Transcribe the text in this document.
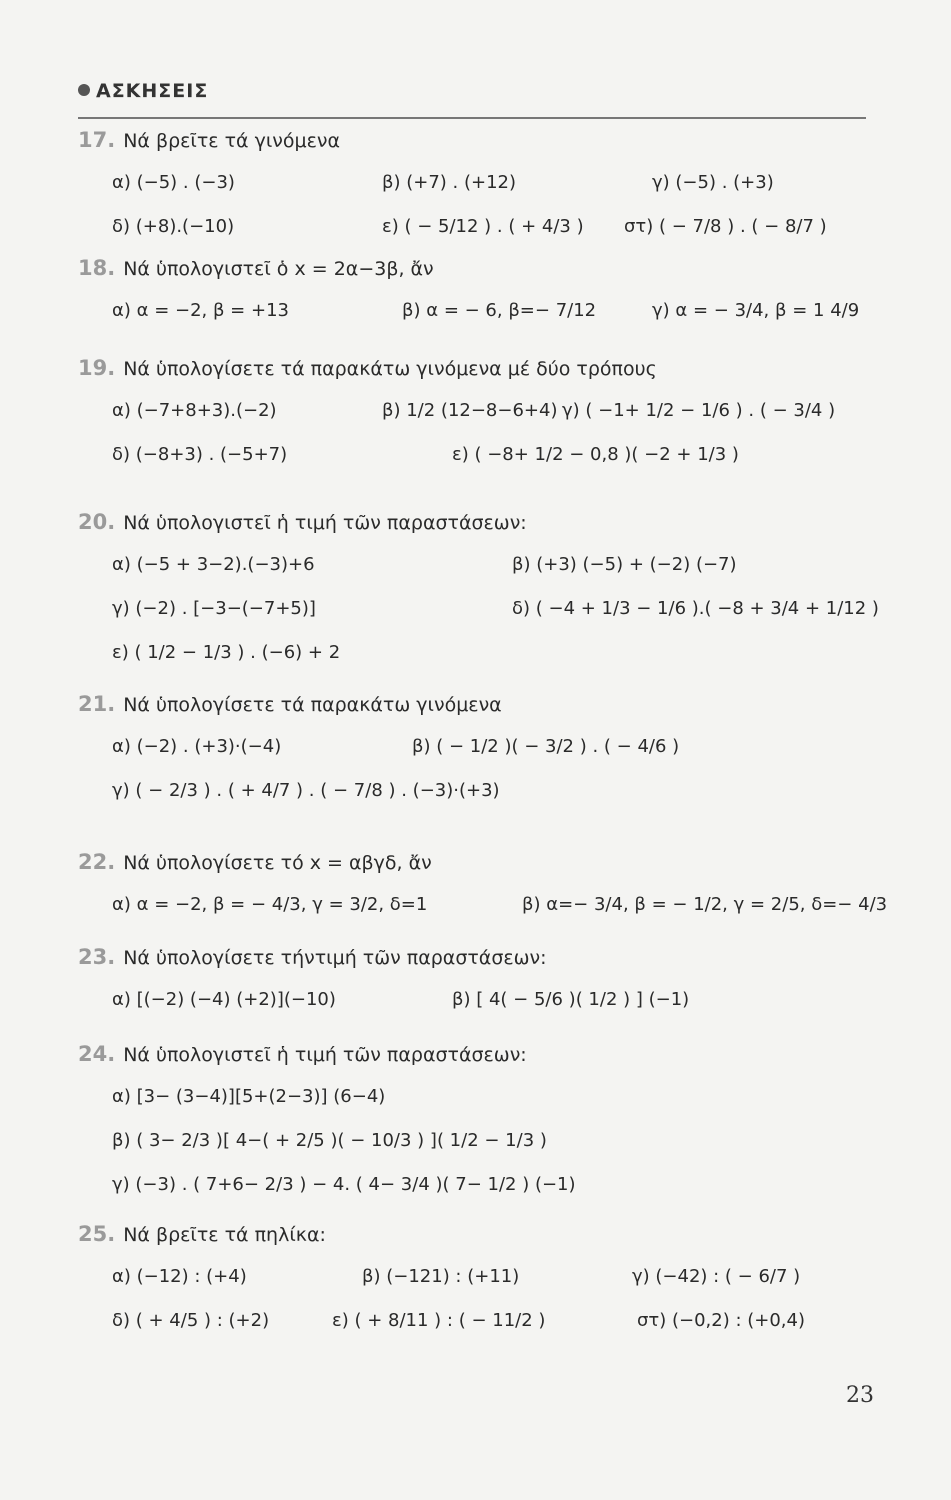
ΑΣΚΗΣΕΙΣ
17. Νά βρεῖτε τά γινόμενα
α) (−5) . (−3)	β) (+7) . (+12)	γ) (−5) . (+3)
δ) (+8).(−10)	ε) ( − 5/12 ) . ( + 4/3 ) στ) ( − 7/8 ) . ( − 8/7 )
18. Νά ὑπολογιστεῖ ὁ x = 2α−3β, ἄν
α) α = −2, β = +13	β) α = − 6, β=− 7/12	γ) α = − 3/4, β = 1 4/9
19. Νά ὑπολογίσετε τά παρακάτω γινόμενα μέ δύο τρόπους
α) (−7+8+3).(−2)	β) 1/2 (12−8−6+4) γ) ( −1+ 1/2 − 1/6 ) . ( − 3/4 )
δ) (−8+3) . (−5+7)	ε) ( −8+ 1/2 − 0,8 )( −2 + 1/3 )
20. Νά ὑπολογιστεῖ ἡ τιμή τῶν παραστάσεων:
α) (−5 + 3−2).(−3)+6	β) (+3) (−5) + (−2) (−7)
γ) (−2) . [−3−(−7+5)]	δ) ( −4 + 1/3 − 1/6 ).( −8 + 3/4 + 1/12 )
ε) ( 1/2 − 1/3 ) . (−6) + 2
21. Νά ὑπολογίσετε τά παρακάτω γινόμενα
α) (−2) . (+3)·(−4)	β) ( − 1/2 )( − 3/2 ) . ( − 4/6 )
γ) ( − 2/3 ) . ( + 4/7 ) . ( − 7/8 ) . (−3)·(+3)
22. Νά ὑπολογίσετε τό x = αβγδ, ἄν
α) α = −2, β = − 4/3, γ = 3/2, δ=1	β) α=− 3/4, β = − 1/2, γ = 2/5, δ=− 4/3
23. Νά ὑπολογίσετε τήντιμή τῶν παραστάσεων:
α) [(−2) (−4) (+2)](−10)	β) [ 4( − 5/6 )( 1/2 ) ] (−1)
24. Νά ὑπολογιστεῖ ἡ τιμή τῶν παραστάσεων:
α) [3− (3−4)][5+(2−3)] (6−4)
β) ( 3− 2/3 )[ 4−( + 2/5 )( − 10/3 ) ]( 1/2 − 1/3 )
γ) (−3) . ( 7+6− 2/3 ) − 4. ( 4− 3/4 )( 7− 1/2 ) (−1)
25. Νά βρεῖτε τά πηλίκα:
α) (−12) : (+4)	β) (−121) : (+11)	γ) (−42) : ( − 6/7 )
δ) ( + 4/5 ) : (+2)	ε) ( + 8/11 ) : ( − 11/2 )	στ) (−0,2) : (+0,4)
23
